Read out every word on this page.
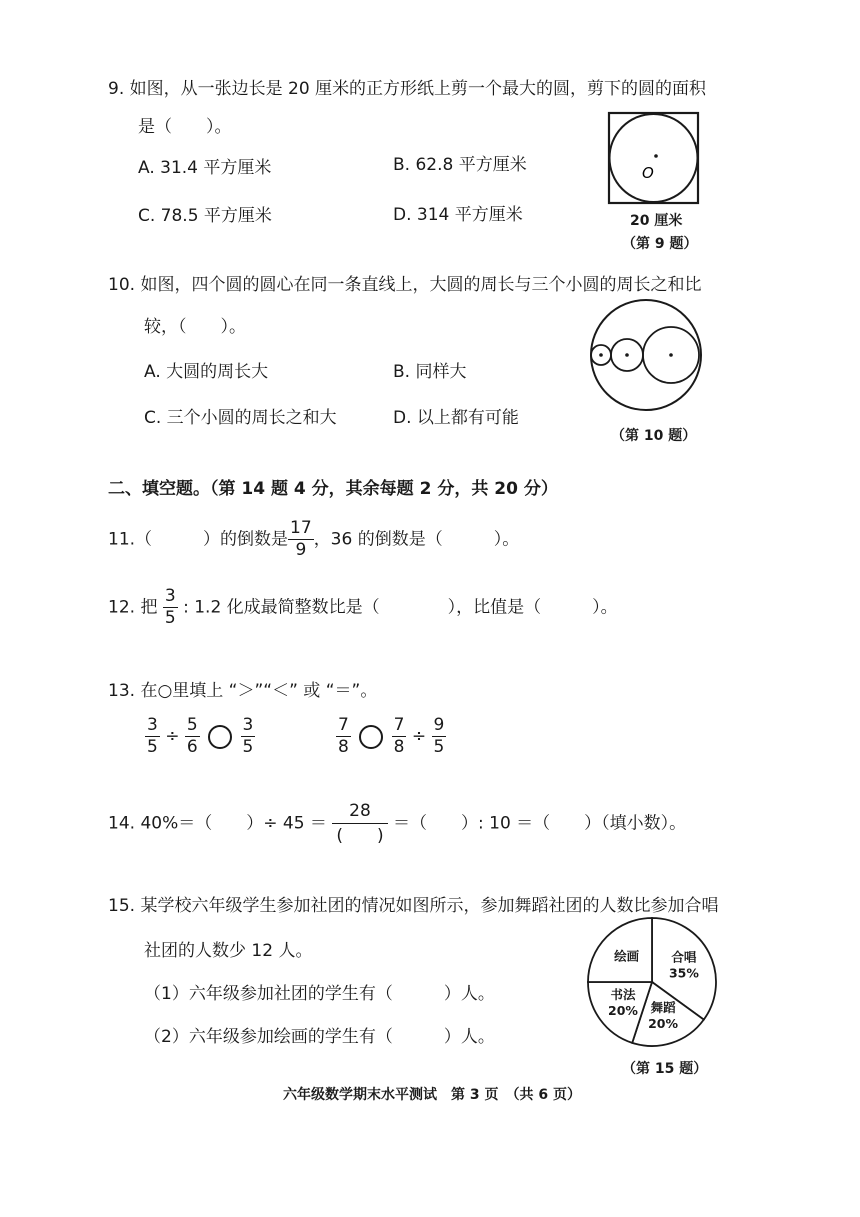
9. 如图，从一张边长是 20 厘米的正方形纸上剪一个最大的圆，剪下的圆的面积
是（　　）。
A. 31.4 平方厘米	B. 62.8 平方厘米
C. 78.5 平方厘米	D. 314 平方厘米
O
20 厘米
（第 9 题）
10. 如图，四个圆的圆心在同一条直线上，大圆的周长与三个小圆的周长之和比
较，（　　）。
A. 大圆的周长大	B. 同样大
C. 三个小圆的周长之和大	D. 以上都有可能
（第 10 题）
二、填空题。（第 14 题 4 分，其余每题 2 分，共 20 分）
11.（　　　）的倒数是 $\frac{17}{9}$ ，36 的倒数是（　　　）。
12. 把 $\frac{3}{5}$ : 1.2 化成最简整数比是（　　　　），比值是（　　　）。
13. 在○里填上 “＞”“＜” 或 “＝”。
$\frac{3}{5} \div \frac{5}{6}$
$\frac{3}{5}$	$\frac{7}{8}$
$\frac{7}{8} \div \frac{9}{5}$
14. 40%＝（　　）÷ $45 = \frac{28}{( )}$ ＝（　　）: 10 ＝（　　）（填小数）。
15. 某学校六年级学生参加社团的情况如图所示，参加舞蹈社团的人数比参加合唱
社团的人数少 12 人。
（1）六年级参加社团的学生有（　　　）人。
（2）六年级参加绘画的学生有（　　　）人。
合唱 35%
舞蹈 20%
书法 20%
绘画
（第 15 题）
六年级数学期末水平测试　第 3 页　（共 6 页）
